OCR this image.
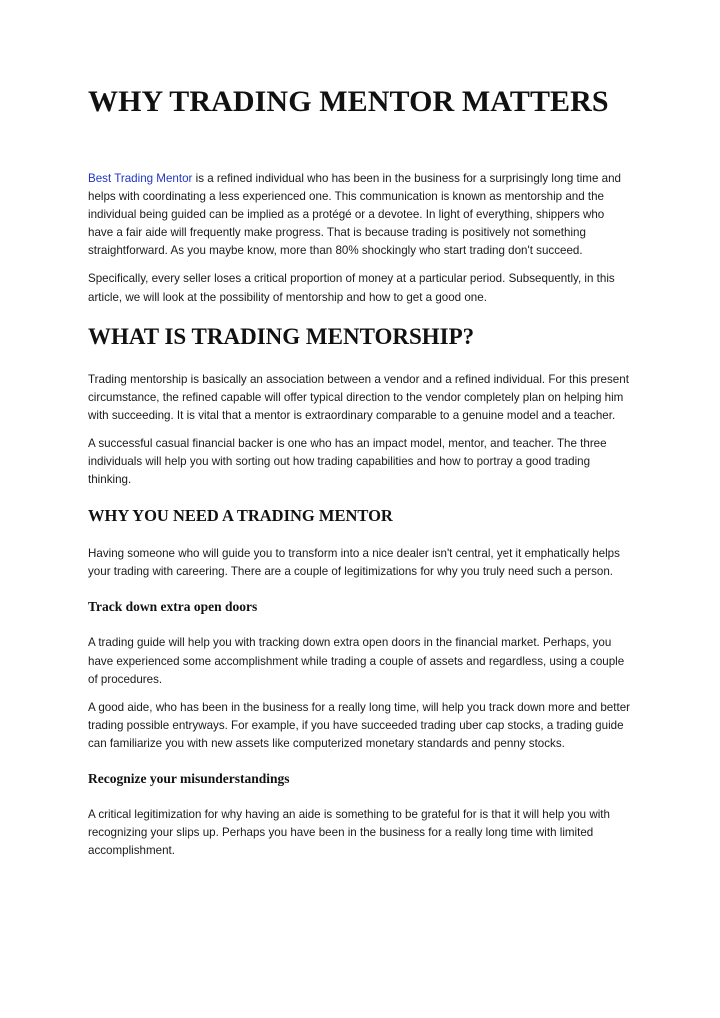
WHY TRADING MENTOR MATTERS

Best Trading Mentor is a refined individual who has been in the business for a surprisingly long time and helps with coordinating a less experienced one. This communication is known as mentorship and the individual being guided can be implied as a protégé or a devotee. In light of everything, shippers who have a fair aide will frequently make progress. That is because trading is positively not something straightforward. As you maybe know, more than 80% shockingly who start trading don't succeed.

Specifically, every seller loses a critical proportion of money at a particular period. Subsequently, in this article, we will look at the possibility of mentorship and how to get a good one.

WHAT IS TRADING MENTORSHIP?

Trading mentorship is basically an association between a vendor and a refined individual. For this present circumstance, the refined capable will offer typical direction to the vendor completely plan on helping him with succeeding. It is vital that a mentor is extraordinary comparable to a genuine model and a teacher.

A successful casual financial backer is one who has an impact model, mentor, and teacher. The three individuals will help you with sorting out how trading capabilities and how to portray a good trading thinking.

WHY YOU NEED A TRADING MENTOR

Having someone who will guide you to transform into a nice dealer isn't central, yet it emphatically helps your trading with careering. There are a couple of legitimizations for why you truly need such a person.

Track down extra open doors

A trading guide will help you with tracking down extra open doors in the financial market. Perhaps, you have experienced some accomplishment while trading a couple of assets and regardless, using a couple of procedures.

A good aide, who has been in the business for a really long time, will help you track down more and better trading possible entryways. For example, if you have succeeded trading uber cap stocks, a trading guide can familiarize you with new assets like computerized monetary standards and penny stocks.

Recognize your misunderstandings

A critical legitimization for why having an aide is something to be grateful for is that it will help you with recognizing your slips up. Perhaps you have been in the business for a really long time with limited accomplishment.
